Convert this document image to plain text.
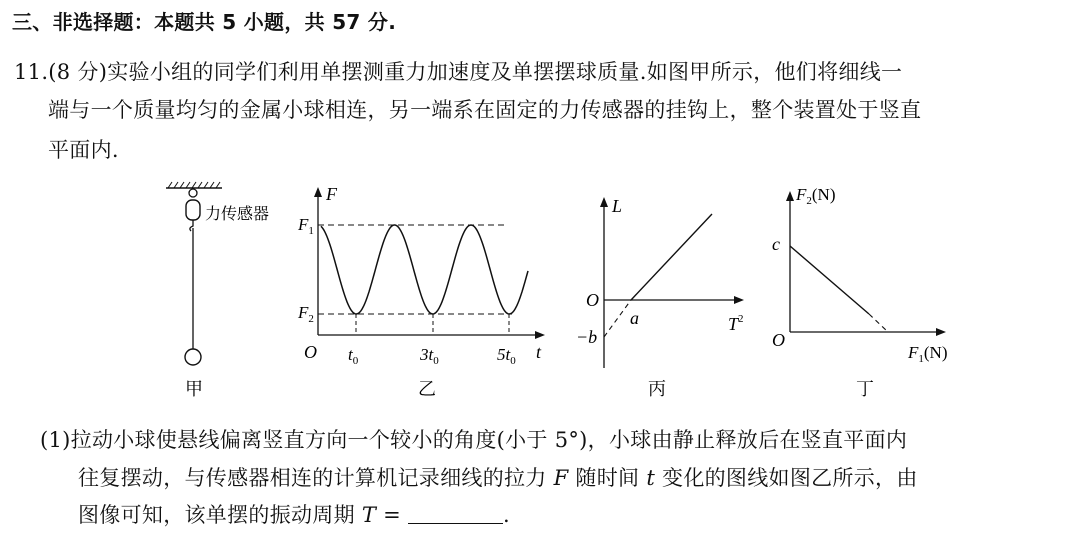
三、非选择题：本题共 5 小题，共 57 分.
11.(8 分)实验小组的同学们利用单摆测重力加速度及单摆摆球质量.如图甲所示，他们将细线一
端与一个质量均匀的金属小球相连，另一端系在固定的力传感器的挂钩上，整个装置处于竖直
平面内.
力传感器
甲
F
t
O
$F_1$
$F_2$
$t_0$	$3t_0$	$5t_0$
乙
L
$T^2$
O
a
−b
丙
$F_2(N)$
$F_1(N)$
O
c
丁
(1)拉动小球使悬线偏离竖直方向一个较小的角度(小于 5°)，小球由静止释放后在竖直平面内
往复摆动，与传感器相连的计算机记录细线的拉力 F 随时间 t 变化的图线如图乙所示，由
图像可知，该单摆的振动周期 T =	.
